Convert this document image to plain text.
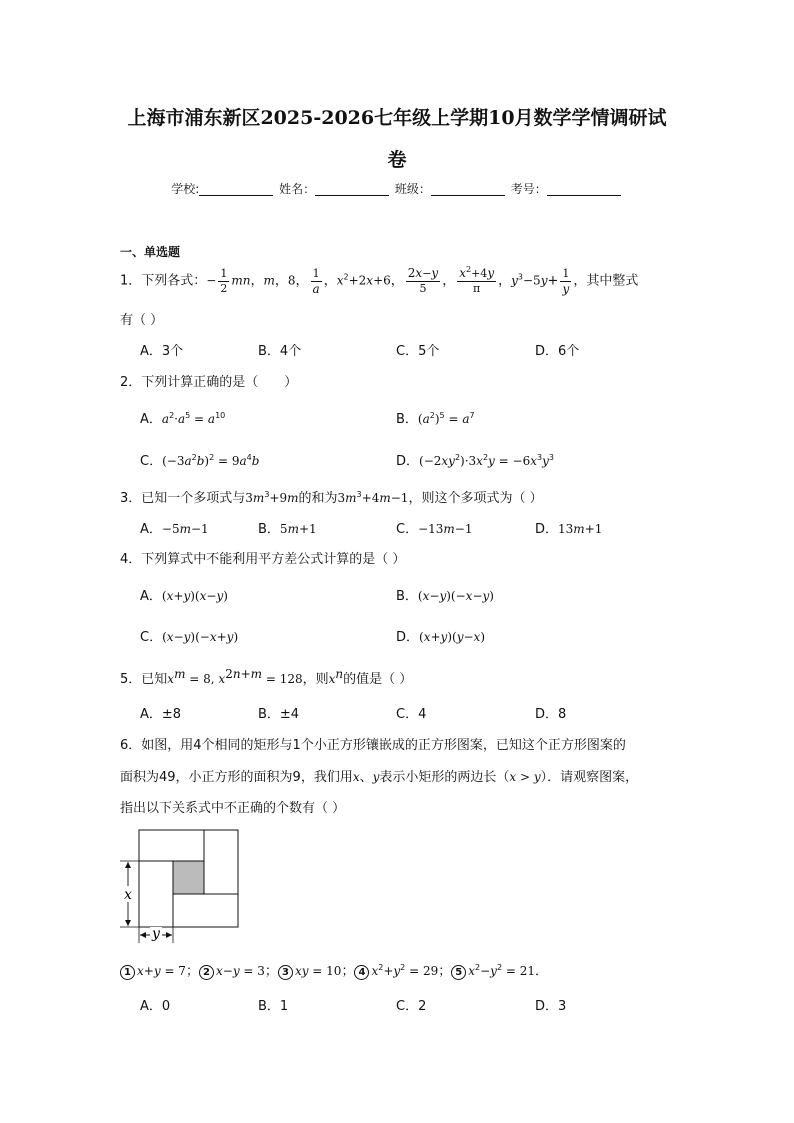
上海市浦东新区2025-2026七年级上学期10月数学学情调研试
卷
学校:	姓名：	班级：	考号：
一、单选题
1．下列各式：− $\frac{1}{2}$ mn，m，8， $\frac{1}{a}$ ，$x^2+2x+6$， $\frac{2x-y}{5}$ ， $\frac{x^2+4y}{\pi}$ ，$y^3-5y+ \frac{1}{y}$ ，其中整式
有（ ）
A．3个	B．4个	C．5个	D．6个
2．下列计算正确的是（　　）
A．$a^2\cdot a^5 = a^{10}$	B．$(a^2)^5 = a^7$
C．$(-3a^2b)^2 = 9a^4b$	D．$(-2xy^2)\cdot 3x^2y = -6x^3y^3$
3．已知一个多项式与$3m^3+9m$的和为$3m^3+4m-1$，则这个多项式为（ ）
A．−5m−1	B．5m+1	C．−13m−1	D．13m+1
4．下列算式中不能利用平方差公式计算的是（ ）
A．(x+y)(x−y)	B．(x−y)(−x−y)
C．(x−y)(−x+y)	D．(x+y)(y−x)
5．已知$x^m = 8$, $x^{2n+m} = 128$，则$x^n$的值是（ ）
A．±8	B．±4	C．4	D．8
6．如图，用4个相同的矩形与1个小正方形镶嵌成的正方形图案，已知这个正方形图案的
面积为49，小正方形的面积为9，我们用x、y表示小矩形的两边长（x > y）．请观察图案，
指出以下关系式中不正确的个数有（ ）
x
y
1 x+y = 7； 2 x−y = 3； 3 xy = 10； 4 $x^2+y^2 = 29$； 5 $x^2-y^2 = 21$．
A．0	B．1	C．2	D．3
